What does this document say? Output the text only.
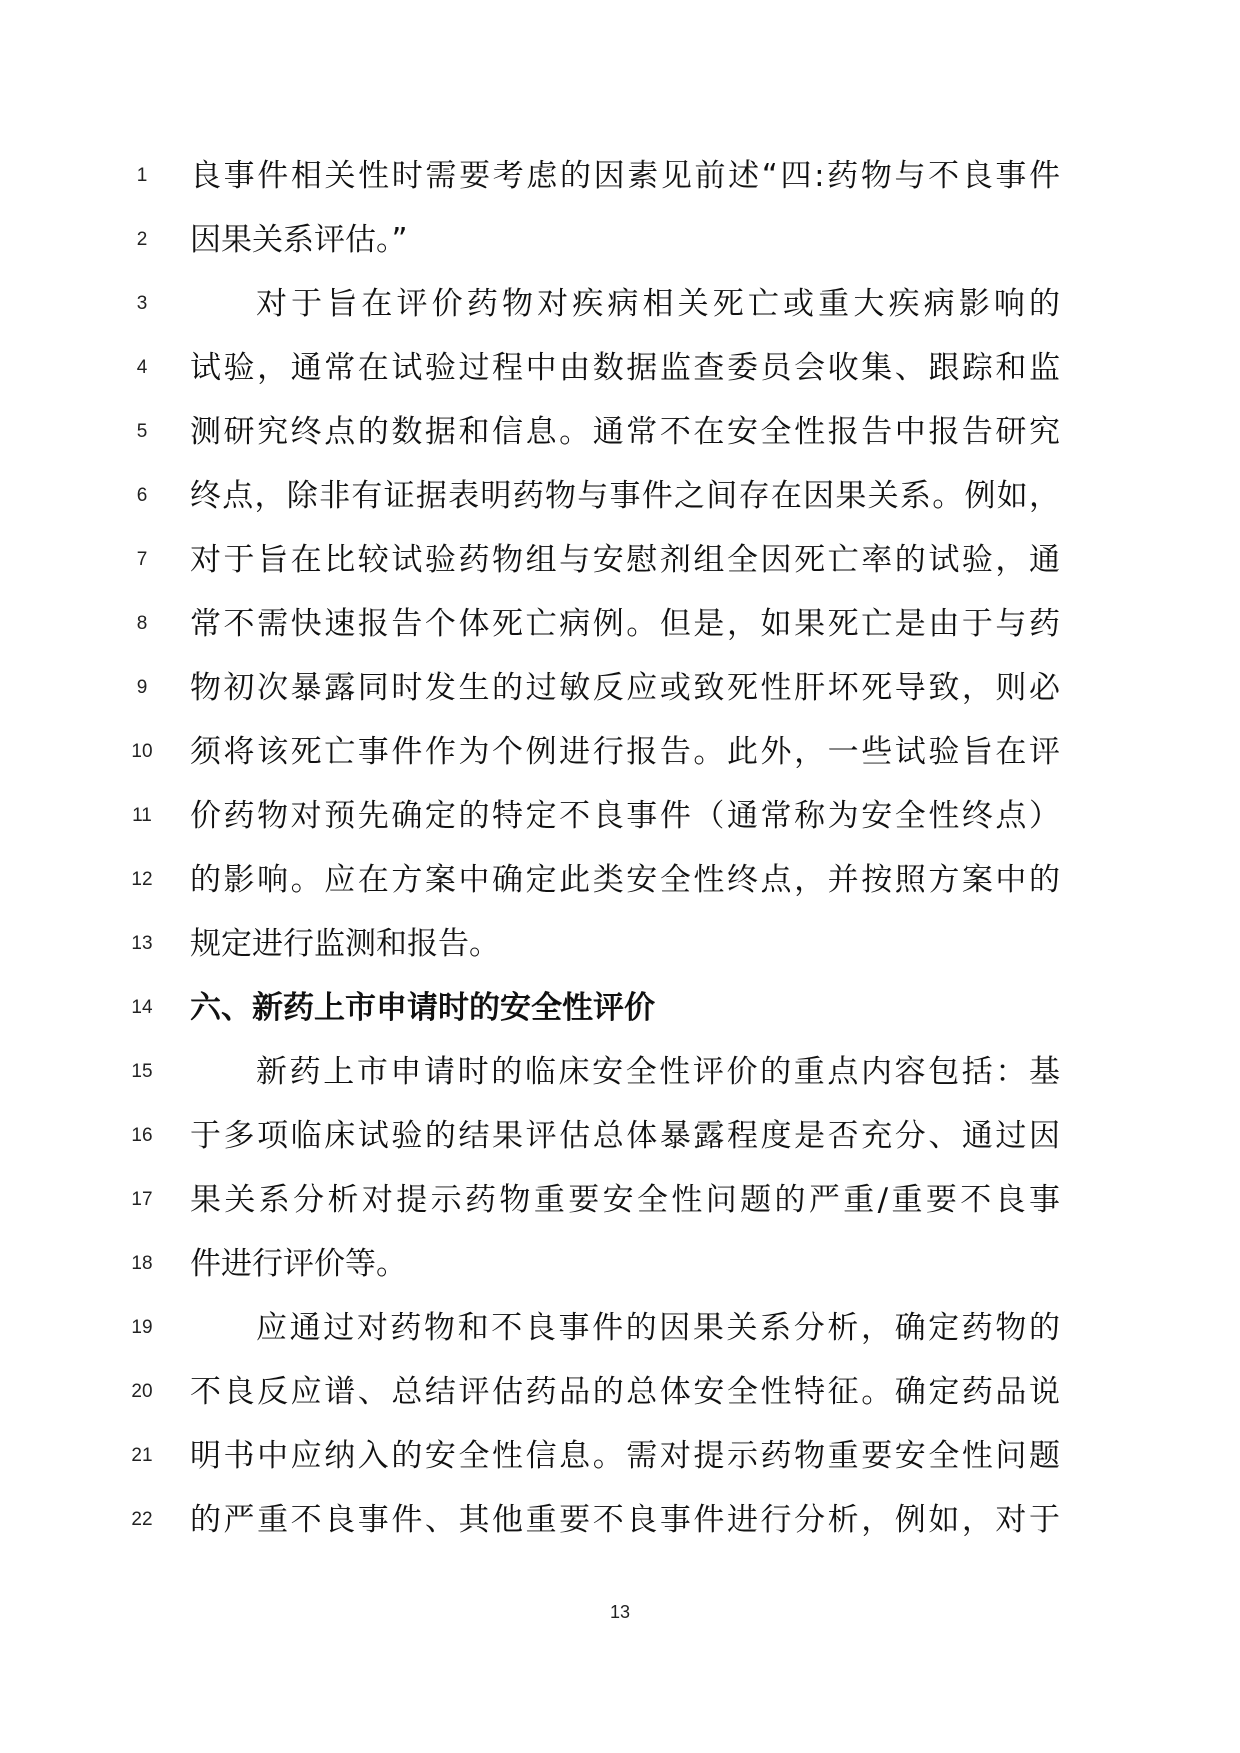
1	良事件相关性时需要考虑的因素见前述“四:药物与不良事件
2	因果关系评估。”
3	对于旨在评价药物对疾病相关死亡或重大疾病影响的
4	试验，通常在试验过程中由数据监查委员会收集、跟踪和监
5	测研究终点的数据和信息。通常不在安全性报告中报告研究
6	终点，除非有证据表明药物与事件之间存在因果关系。例如，
7	对于旨在比较试验药物组与安慰剂组全因死亡率的试验，通
8	常不需快速报告个体死亡病例。但是，如果死亡是由于与药
9	物初次暴露同时发生的过敏反应或致死性肝坏死导致，则必
10	须将该死亡事件作为个例进行报告。此外，一些试验旨在评
11	价药物对预先确定的特定不良事件（通常称为安全性终点）
12	的影响。应在方案中确定此类安全性终点，并按照方案中的
13	规定进行监测和报告。
14	六、新药上市申请时的安全性评价
15	新药上市申请时的临床安全性评价的重点内容包括：基
16	于多项临床试验的结果评估总体暴露程度是否充分、通过因
17	果关系分析对提示药物重要安全性问题的严重/重要不良事
18	件进行评价等。
19	应通过对药物和不良事件的因果关系分析，确定药物的
20	不良反应谱、总结评估药品的总体安全性特征。确定药品说
21	明书中应纳入的安全性信息。需对提示药物重要安全性问题
22	的严重不良事件、其他重要不良事件进行分析，例如，对于
13
